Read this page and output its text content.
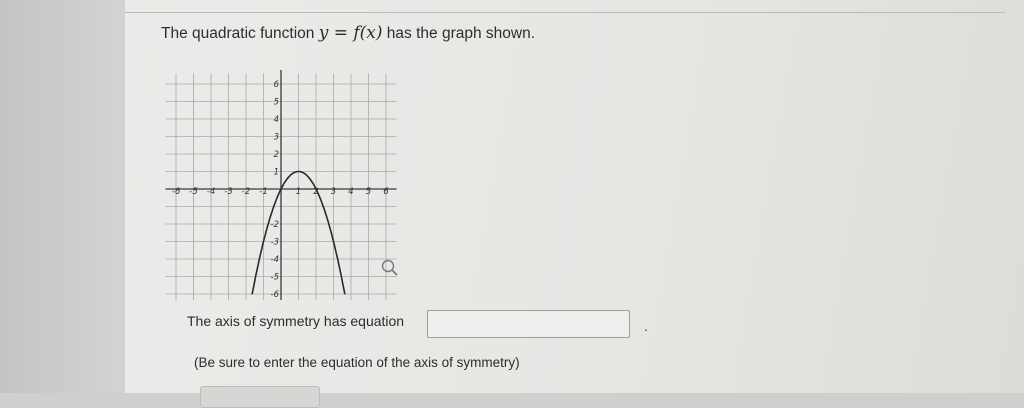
The quadratic function y = f(x) has the graph shown.
-6 -5 -4 -3 -2 -1	1 2 3 4 5 6
6
5
4
3
2
1
-2
-3
-4
-5
-6
The axis of symmetry has equation	.
(Be sure to enter the equation of the axis of symmetry)
